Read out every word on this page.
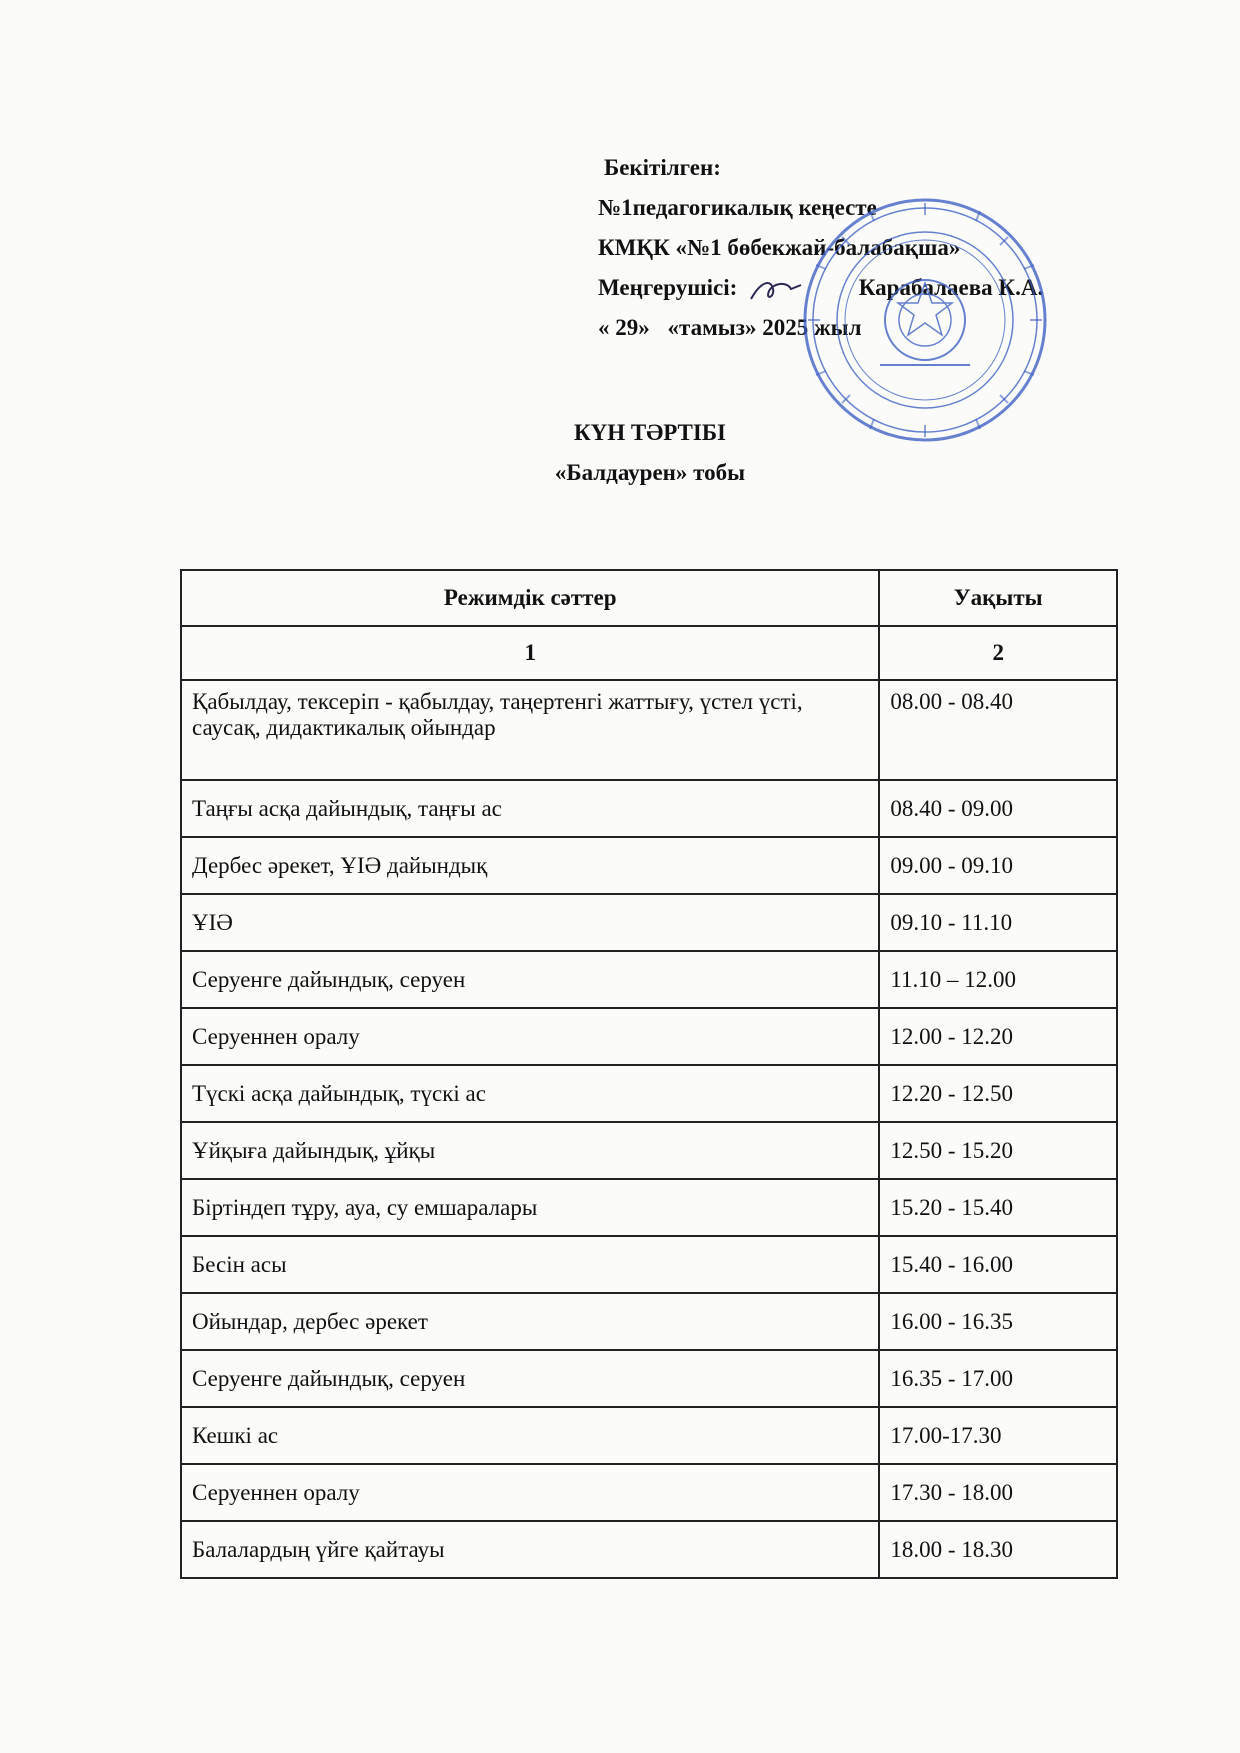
Бекітілген:
№1педагогикалық кеңесте
КМҚК «№1 бөбекжай-балабақша»
Меңгерушісі:	Карабалаева К.А.
« 29» «тамыз» 2025 жыл
КҮН ТӘРТІБІ
«Балдаурен» тобы
Режимдік сәттер	Уақыты
1	2
Қабылдау, тексеріп - қабылдау, таңертенгі жаттығу, үстел үсті, саусақ, дидактикалық ойындар	08.00 - 08.40
Таңғы асқа дайындық, таңғы ас	08.40 - 09.00
Дербес әрекет, ҰІӘ дайындық	09.00 - 09.10
ҰІӘ	09.10 - 11.10
Серуенге дайындық, серуен	11.10 – 12.00
Серуеннен оралу	12.00 - 12.20
Түскі асқа дайындық, түскі ас	12.20 - 12.50
Ұйқыға дайындық, ұйқы	12.50 - 15.20
Біртіндеп тұру, ауа, су емшаралары	15.20 - 15.40
Бесін асы	15.40 - 16.00
Ойындар, дербес әрекет	16.00 - 16.35
Серуенге дайындық, серуен	16.35 - 17.00
Кешкі ас	17.00-17.30
Серуеннен оралу	17.30 - 18.00
Балалардың үйге қайтауы	18.00 - 18.30
